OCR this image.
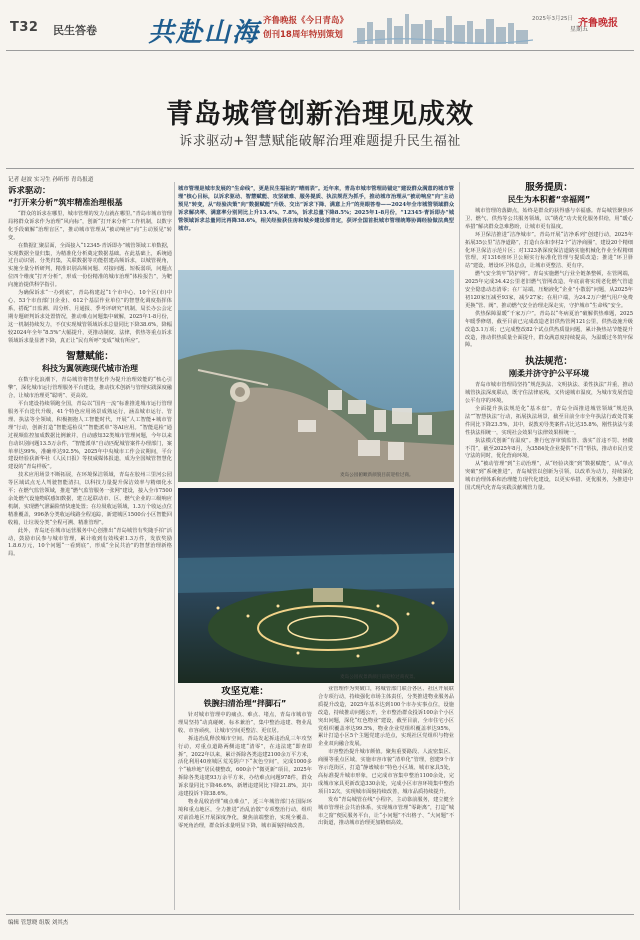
T32 民生答卷 共赴山海 齐鲁晚报《今日青岛》
创刊18周年特别策划
2025年3月25日
星期五
齐鲁晚报
青岛城管创新治理见成效
诉求驱动+智慧赋能破解治理难题提升民生福祉
记者 赵波 实习生 孙昕彤 青岛报道
诉求驱动：
“打开来分析”筑牢精准治理根基

“群众的诉求在哪里，城市管理的发力点就在哪里。”青岛市城市管理局将群众诉求作为治理“风向标”，创新“打开来分析”工作机制，以数字化手段破解“治理盲区”，推动城市管理从“被动响应”向“主动预见”转变。

在数据汇聚层面，全面接入“12345·青诉即办”城管领域工单数据，实现数据全量归集，为精准化分析奠定数据基础。在此基础上，系统通过自动识别、分类归集，关联数据等功能搭建高频诉求，以城管视角，实施全量分析研判，精准识别高频问题、对接问题、短板弱项，问题点位四个维度“打开分析”，形成一份份精准的城市治理“体检报告”，为靶向施治提供科学指引。

为确保诉求“一办到底”，青岛构建起“1个市中心、10个区(市)中心、53个市直部门(企业)、612个基层作业单位”的智慧化调度指挥体系，搭配“日监测、周分析、月通报、季考评研究”机制，局长办公会定期专题研判诉求处置情况，推动难点问题集中破解，2025年1-8月份，这一机制持续发力，不仅实现城管领域诉求总量同比下降38.6%，降幅较2024年全年“8.5%”大幅提升，更推动制度、法律，供热等重点诉求领域诉求量显著下降，真正让“民有所呼”变成“城有所应”。

智慧赋能：
科技为翼领跑现代城市治理

在数字化浪潮下，青岛城管将智慧化作为提升治理效能的“核心引擎”，深化城市运行管理服务平台建设，推动技术创新与管理实践深度融合，让城市治理更“聪明”、更高效。

平台建设持续领跑全国，青岛以“国内一流”标准推进城市运行管理服务平台迭代升级，41个特色应用场景成熟运行，涵盖城市运行、管理、执法等全领域，积极拥抱人工智能时代，开展“人工智能+城市管理”行动，创新打造“智能巡检员”“智能派单”等AI应用。“智能巡检”通过视频监控加成数据比例兼并，自动感知32类城市管理问题，今年以来自动识别问题13.5万余件，“智能派单”自动匹配城管案件办理部门，案单率达99%，准确率达92.5%，2025年中央城市工作会议期间，平台建设经验获新华社《人民日报》等权威媒体报道，成为全国城管智慧化建设的“青岛样板”。

技术应用场景不断拓展，在环境保洁领域，青岛在胶州三里河公园等区域试点无人驾驶智能清扫，以科技力量提升保洁效率与精细化水平；在燃气监管领域，推进“燃气监管服务一张网”建设，接入全市7500余处燃气设施物联感知数据，建立起联动市、区、燃气企业的三级响应机制，实现燃气泄漏险情快速处置；在垃圾收运领域，1.3万个收运点位精准覆盖，996条分类收运线路全程追踪，新建城区1500台小区智能回收箱，让垃圾分类“全程可溯、精准管理”。

此外，青岛还在城市运营服务中心创推出“青岛城管有奖随手拍”活动，鼓励市民参与城市管理，累计收到有效线索1.3万件，发放奖励1.8.6万元，10个问题“一看到底”，形成“全民共治”的智慧治理新格局。

城市管理是城市发展的“生命线”，更是民生福祉的“晴雨表”。近年来，青岛市城市管理局锚定“建设群众满意的城市管理”核心目标，以诉求驱动、智慧赋能、攻坚破难、服务提质、执法规范为抓手，推动城市治理从“被动响应”向“主动预见”转变，从“经验决策”向“数据赋能”升级、交出“诉求下降、满意上升”的亮眼答卷——2024年全市城管领域群众诉求解决率、满意率分别同比上升13.4%、7.8%，诉求总量下降8.5%；2025年1-8月份，“12345·青诉即办”城管领域诉求总量同比再降38.6%，相关经验获住房和城乡建设部肯定，获评全国首批城市管理统筹协调经验做法典型城市。
麦岛公园俯瞰新颜貌目前迎检过商。
麦岛公园夜景新颜目前迎检过商夜景。
攻坚克难：
铁腕扫清治理“拌脚石”

针对城市管理中的痛点、难点、堵点，青岛市城市管理局坚持“动真碰硬、标本兼治”，集中整治违建、物业乱收、市容顽疾，让城市空间更整洁、更宜居。

拆违治乱释放城市空间。青岛发起拆违治乱三年攻坚行动，对重点道路两侧违建“清零”，在违法建“即查即拆”，2022年以来，累计拆除各类违建2100余万平方米，活化利用40座城区荒芜阴户下“灰色空间”，完成1000多个“袖珍地”居民楼整改，600余个“微更新”项目，2025年拆除各类违建93万余平方米，办结难点问题978件，群众诉求量同比下降46.6%，新增违建同比下降21.8%，其中违建投诉下降38.6%。

物业乱收治理“痛点难点”，近三年城管部门在国际环境和重点地区，全力推进“治乱治散”专项整治行动，组织对前沿地区开展深度净化，聚焦前端整治，实现全覆盖、零死角治理，群众诉求量明显下降，城市面貌持续改善。

业管理作为突破口，将城管部门联合各区、社区开展联合专项行动，持续强化市场主体责任，分类推进物业服务品质提升改造，2025年基本达到100个市办实事点位，设施改造，持续推动问题公开，全市整治群众投诉100余个小区突出问题，深化“红色物业”建设，截至目前，全市住宅小区党组织覆盖率达99.5%，物业企业党组织覆盖率达95%，累计打造小区5个主题党建示范点，实现社区党组织与物业企业双向融合发展。

市容整治提升城市颜值。聚焦重要路段、人流密集区、商圈等重点区域，实施市容市貌“清单化”管理，创建9个市容示范街区，打造“静谧城市”特色小区域、城市家具5处，高标准提升城市形象，已完成市容集中整治1100余处，完成城市家具更新改造330余处，完成小区市容环境集中整治项目12次，实现城市面貌持续改善，城市品质持续提升。

发布“青岛城管在线”小程序，主动靠前服务，建立健全城市管理社会共治体系，实现城市管理“零距离”，打造“城市之窗”便民服务平台，让“小问题”不出格子、“大问题”不出街道，推动城市治理更加精细高效。

服务提质：
民生为本积蓄“幸福网”

城市管理的落脚点，始终是群众的获得感与幸福感。青岛城管聚焦环卫、燃气、供热等公共服务领域，以“绣花”功夫优化服务供给，用“暖心举措”解决群众急难愁盼，让城市更有温度。

环卫保洁推进“洁净城市”。青岛开展“洁净系列”创建行动，2025年拓展35公里“洁净道路”，打造台东和李村2个“洁净商圈”，建设20个精细化环卫保洁示范片区；对1323条深度保洁道路实施机械化作业全程精细管理，对1316座环卫公厕实行标准化管理与提质改造；推进“环卫驿站”建设，增设环卫休息点，让城市更整洁、更有序。

燃气安全筑牢“防护网”。青岛实施燃气行业全链条整顿，在管网端，2025年完成34.42公里老旧燃气管网改造，年底前将实现老化燃气管道安全隐患动态清零；在厂站端，压缩液化“企业”小散弱”问题，从2025年初120家压减至93家，减少27家；在用户端，为24.2万户燃气用户免费更换“管、阀”，推动燃气安全治理走深走实，守护城市“生命线”安全。

供热保障温暖“千家万户”。青岛以“冬病夏治”破解供热难题，2025年暖季修缮，截至目前已完成改造老旧供热管网121公里，供热设施升级改造3.1万项；已完成整改82个试点供热质量问题，累计换热站节能提升改造，推动供热质量全面提升，群众满意度持续提高，为温暖过冬筑牢保障。

执法规范：
刚柔并济守护公平环境

青岛市城市管理局坚持“规范执法、文明执法、柔性执法”并重，推动城管执法深度联动，既守住法律底线，又传递城市温度，为城市发展营造公平有序的环境。

全面提升执法规范化“基本盘”。青岛全面推进城管领域“规范执法”“智慧执法”行动，拓展执法场景，截至目前全市全年执法行政处罚案件同比下降23.5%，其中，说教劝导类案件占比达35.8%，刚性执法与柔性执法相统一，实现社会效果与法律效果相统一。

执法模式创新“有温度”。推行包容审慎监管、落实“首违不罚、轻微不罚”，截至2025年8月，为3584处企业提供“不罚”帮扶，推动市民自觉守法的同时，优化营商环境。

从“被动管理”到“主动治理”，从“经验决策”到“数据赋能”，从“单点突破”到“系统推进”，青岛城管以创新为引领，以改革为动力，持续深化城市治理体系和治理能力现代化建设，以更实举措、更优服务，为推进中国式现代化青岛实践贡献城管力量。

编辑 管慧晓 组版 刘其杰
